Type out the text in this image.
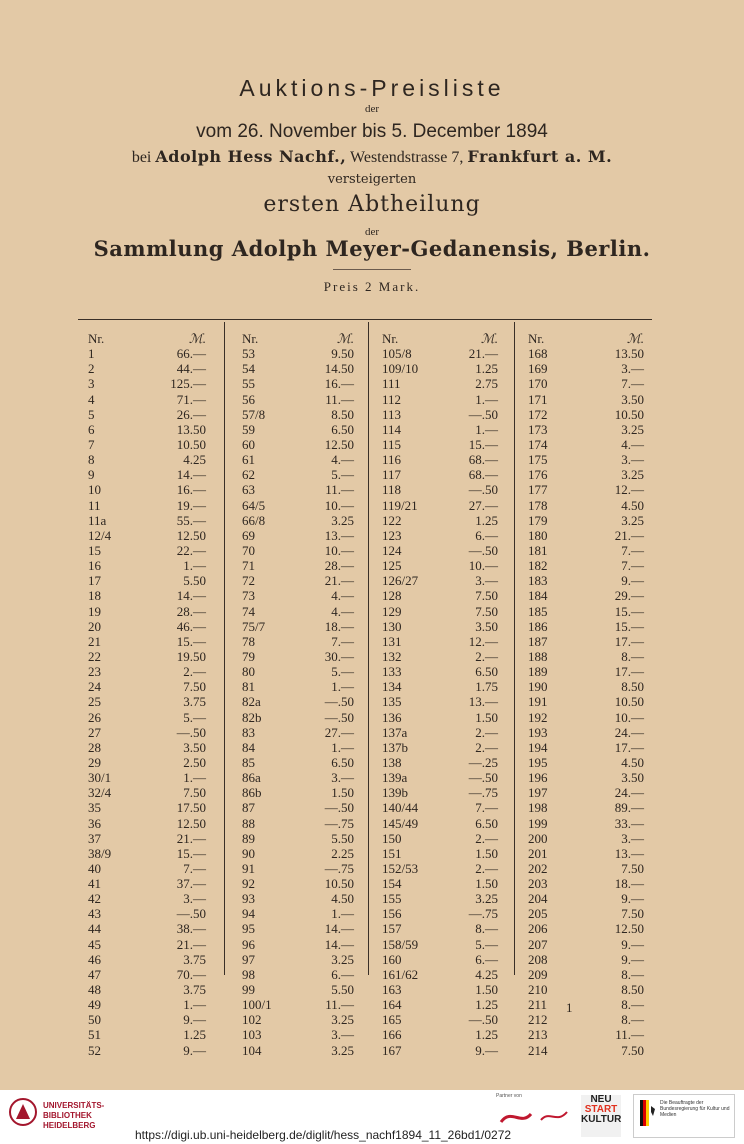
Auktions-Preisliste
der
vom 26. November bis 5. December 1894
bei Adolph Hess Nachf., Westendstrasse 7, Frankfurt a. M.
versteigerten
ersten Abtheilung
der
Sammlung Adolph Meyer-Gedanensis, Berlin.
Preis 2 Mark.
Nr.	ℳ.
1	66.—
2	44.—
3	125.—
4	71.—
5	26.—
6	13.50
7	10.50
8	4.25
9	14.—
10	16.—
11	19.—
11a	55.—
12/4	12.50
15	22.—
16	1.—
17	5.50
18	14.—
19	28.—
20	46.—
21	15.—
22	19.50
23	2.—
24	7.50
25	3.75
26	5.—
27	—.50
28	3.50
29	2.50
30/1	1.—
32/4	7.50
35	17.50
36	12.50
37	21.—
38/9	15.—
40	7.—
41	37.—
42	3.—
43	—.50
44	38.—
45	21.—
46	3.75
47	70.—
48	3.75
49	1.—
50	9.—
51	1.25
52	9.—
Nr.	ℳ.
53	9.50
54	14.50
55	16.—
56	11.—
57/8	8.50
59	6.50
60	12.50
61	4.—
62	5.—
63	11.—
64/5	10.—
66/8	3.25
69	13.—
70	10.—
71	28.—
72	21.—
73	4.—
74	4.—
75/7	18.—
78	7.—
79	30.—
80	5.—
81	1.—
82a	—.50
82b	—.50
83	27.—
84	1.—
85	6.50
86a	3.—
86b	1.50
87	—.50
88	—.75
89	5.50
90	2.25
91	—.75
92	10.50
93	4.50
94	1.—
95	14.—
96	14.—
97	3.25
98	6.—
99	5.50
100/1	11.—
102	3.25
103	3.—
104	3.25
Nr.	ℳ.
105/8	21.—
109/10	1.25
111	2.75
112	1.—
113	—.50
114	1.—
115	15.—
116	68.—
117	68.—
118	—.50
119/21	27.—
122	1.25
123	6.—
124	—.50
125	10.—
126/27	3.—
128	7.50
129	7.50
130	3.50
131	12.—
132	2.—
133	6.50
134	1.75
135	13.—
136	1.50
137a	2.—
137b	2.—
138	—.25
139a	—.50
139b	—.75
140/44	7.—
145/49	6.50
150	2.—
151	1.50
152/53	2.—
154	1.50
155	3.25
156	—.75
157	8.—
158/59	5.—
160	6.—
161/62	4.25
163	1.50
164	1.25
165	—.50
166	1.25
167	9.—
Nr.	ℳ.
168	13.50
169	3.—
170	7.—
171	3.50
172	10.50
173	3.25
174	4.—
175	3.—
176	3.25
177	12.—
178	4.50
179	3.25
180	21.—
181	7.—
182	7.—
183	9.—
184	29.—
185	15.—
186	15.—
187	17.—
188	8.—
189	17.—
190	8.50
191	10.50
192	10.—
193	24.—
194	17.—
195	4.50
196	3.50
197	24.—
198	89.—
199	33.—
200	3.—
201	13.—
202	7.50
203	18.—
204	9.—
205	7.50
206	12.50
207	9.—
208	9.—
209	8.—
210	8.50
211	8.—
212	8.—
213	11.—
214	7.50
1
UNIVERSITÄTS-
BIBLIOTHEK
HEIDELBERG
Partner von	NEU
START
KULTUR
Die Beauftragte der Bundesregierung für Kultur und Medien
https://digi.ub.uni-heidelberg.de/diglit/hess_nachf1894_11_26bd1/0272
